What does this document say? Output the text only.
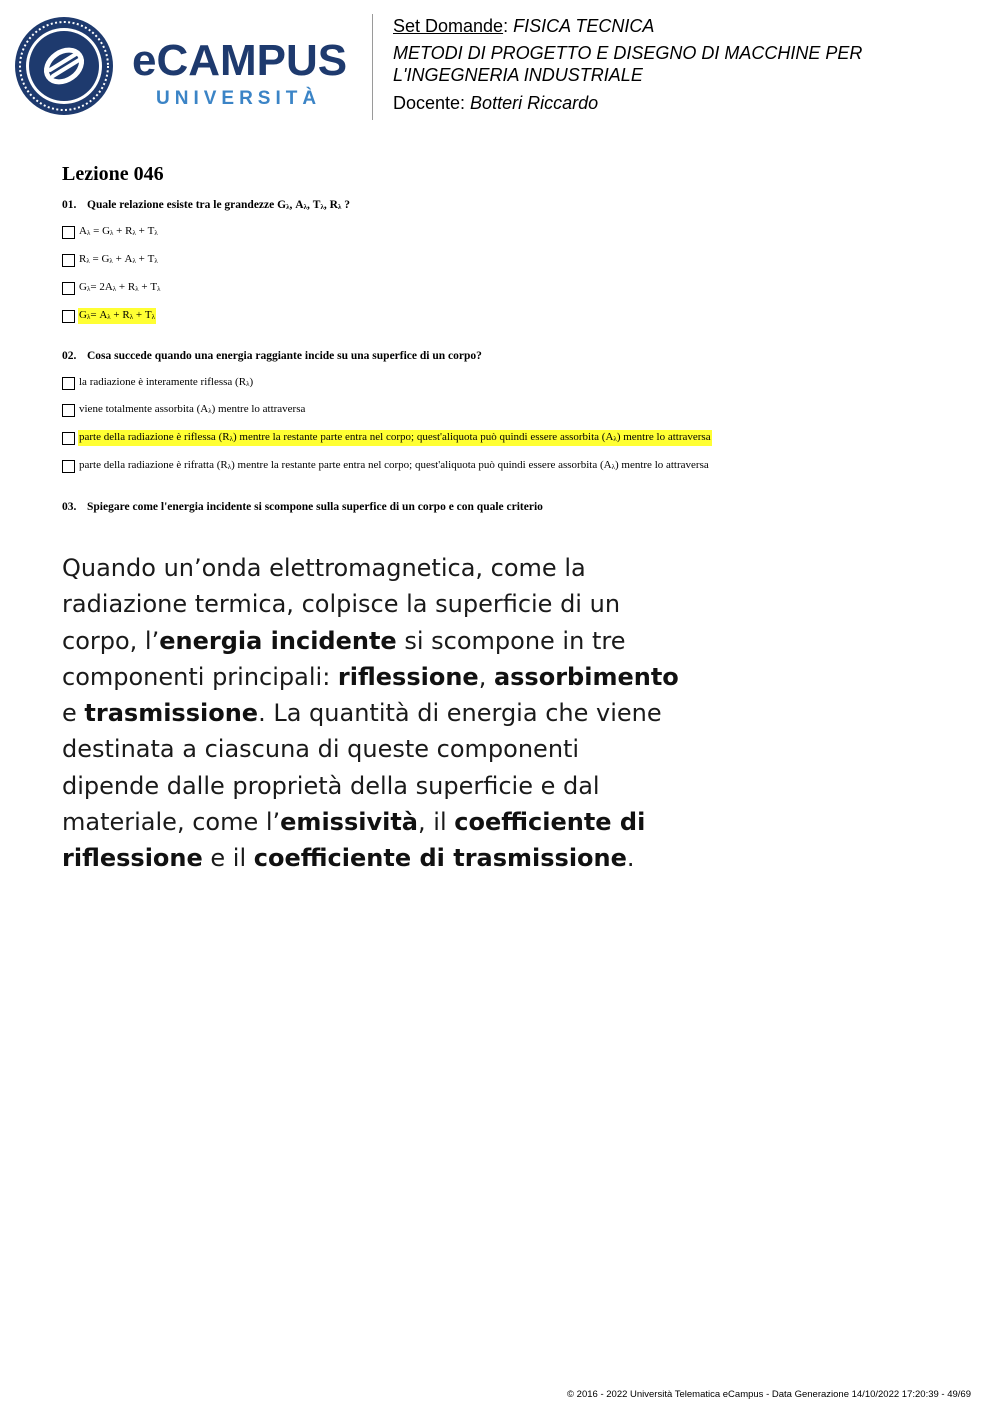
eCAMPUS
UNIVERSITÀ
Set Domande: FISICA TECNICA
METODI DI PROGETTO E DISEGNO DI MACCHINE PER
L'INGEGNERIA INDUSTRIALE
Docente: Botteri Riccardo
Lezione 046
01. Quale relazione esiste tra le grandezze $G_\lambda$, $A_\lambda$, $T_\lambda$, $R_\lambda$ ?
$A_\lambda = G_\lambda + R_\lambda + T_\lambda$
$R_\lambda = G_\lambda + A_\lambda + T_\lambda$
$G_\lambda= 2A_\lambda + R_\lambda + T_\lambda$
$G_\lambda= A_\lambda + R_\lambda + T_\lambda$
02. Cosa succede quando una energia raggiante incide su una superfice di un corpo?
la radiazione è interamente riflessa $(R_\lambda)$
viene totalmente assorbita $(A_\lambda)$ mentre lo attraversa
parte della radiazione è riflessa $(R_\lambda)$ mentre la restante parte entra nel corpo; quest'aliquota può quindi essere assorbita $(A_\lambda)$ mentre lo attraversa
parte della radiazione è rifratta $(R_\lambda)$ mentre la restante parte entra nel corpo; quest'aliquota può quindi essere assorbita $(A_\lambda)$ mentre lo attraversa
03. Spiegare come l'energia incidente si scompone sulla superfice di un corpo e con quale criterio

Quando un’onda elettromagnetica, come la radiazione termica, colpisce la superficie di un corpo, l’energia incidente si scompone in tre componenti principali: riflessione, assorbimento e trasmissione. La quantità di energia che viene destinata a ciascuna di queste componenti dipende dalle proprietà della superficie e dal materiale, come l’emissività, il coefficiente di riflessione e il coefficiente di trasmissione.

© 2016 - 2022 Università Telematica eCampus - Data Generazione 14/10/2022 17:20:39 - 49/69
